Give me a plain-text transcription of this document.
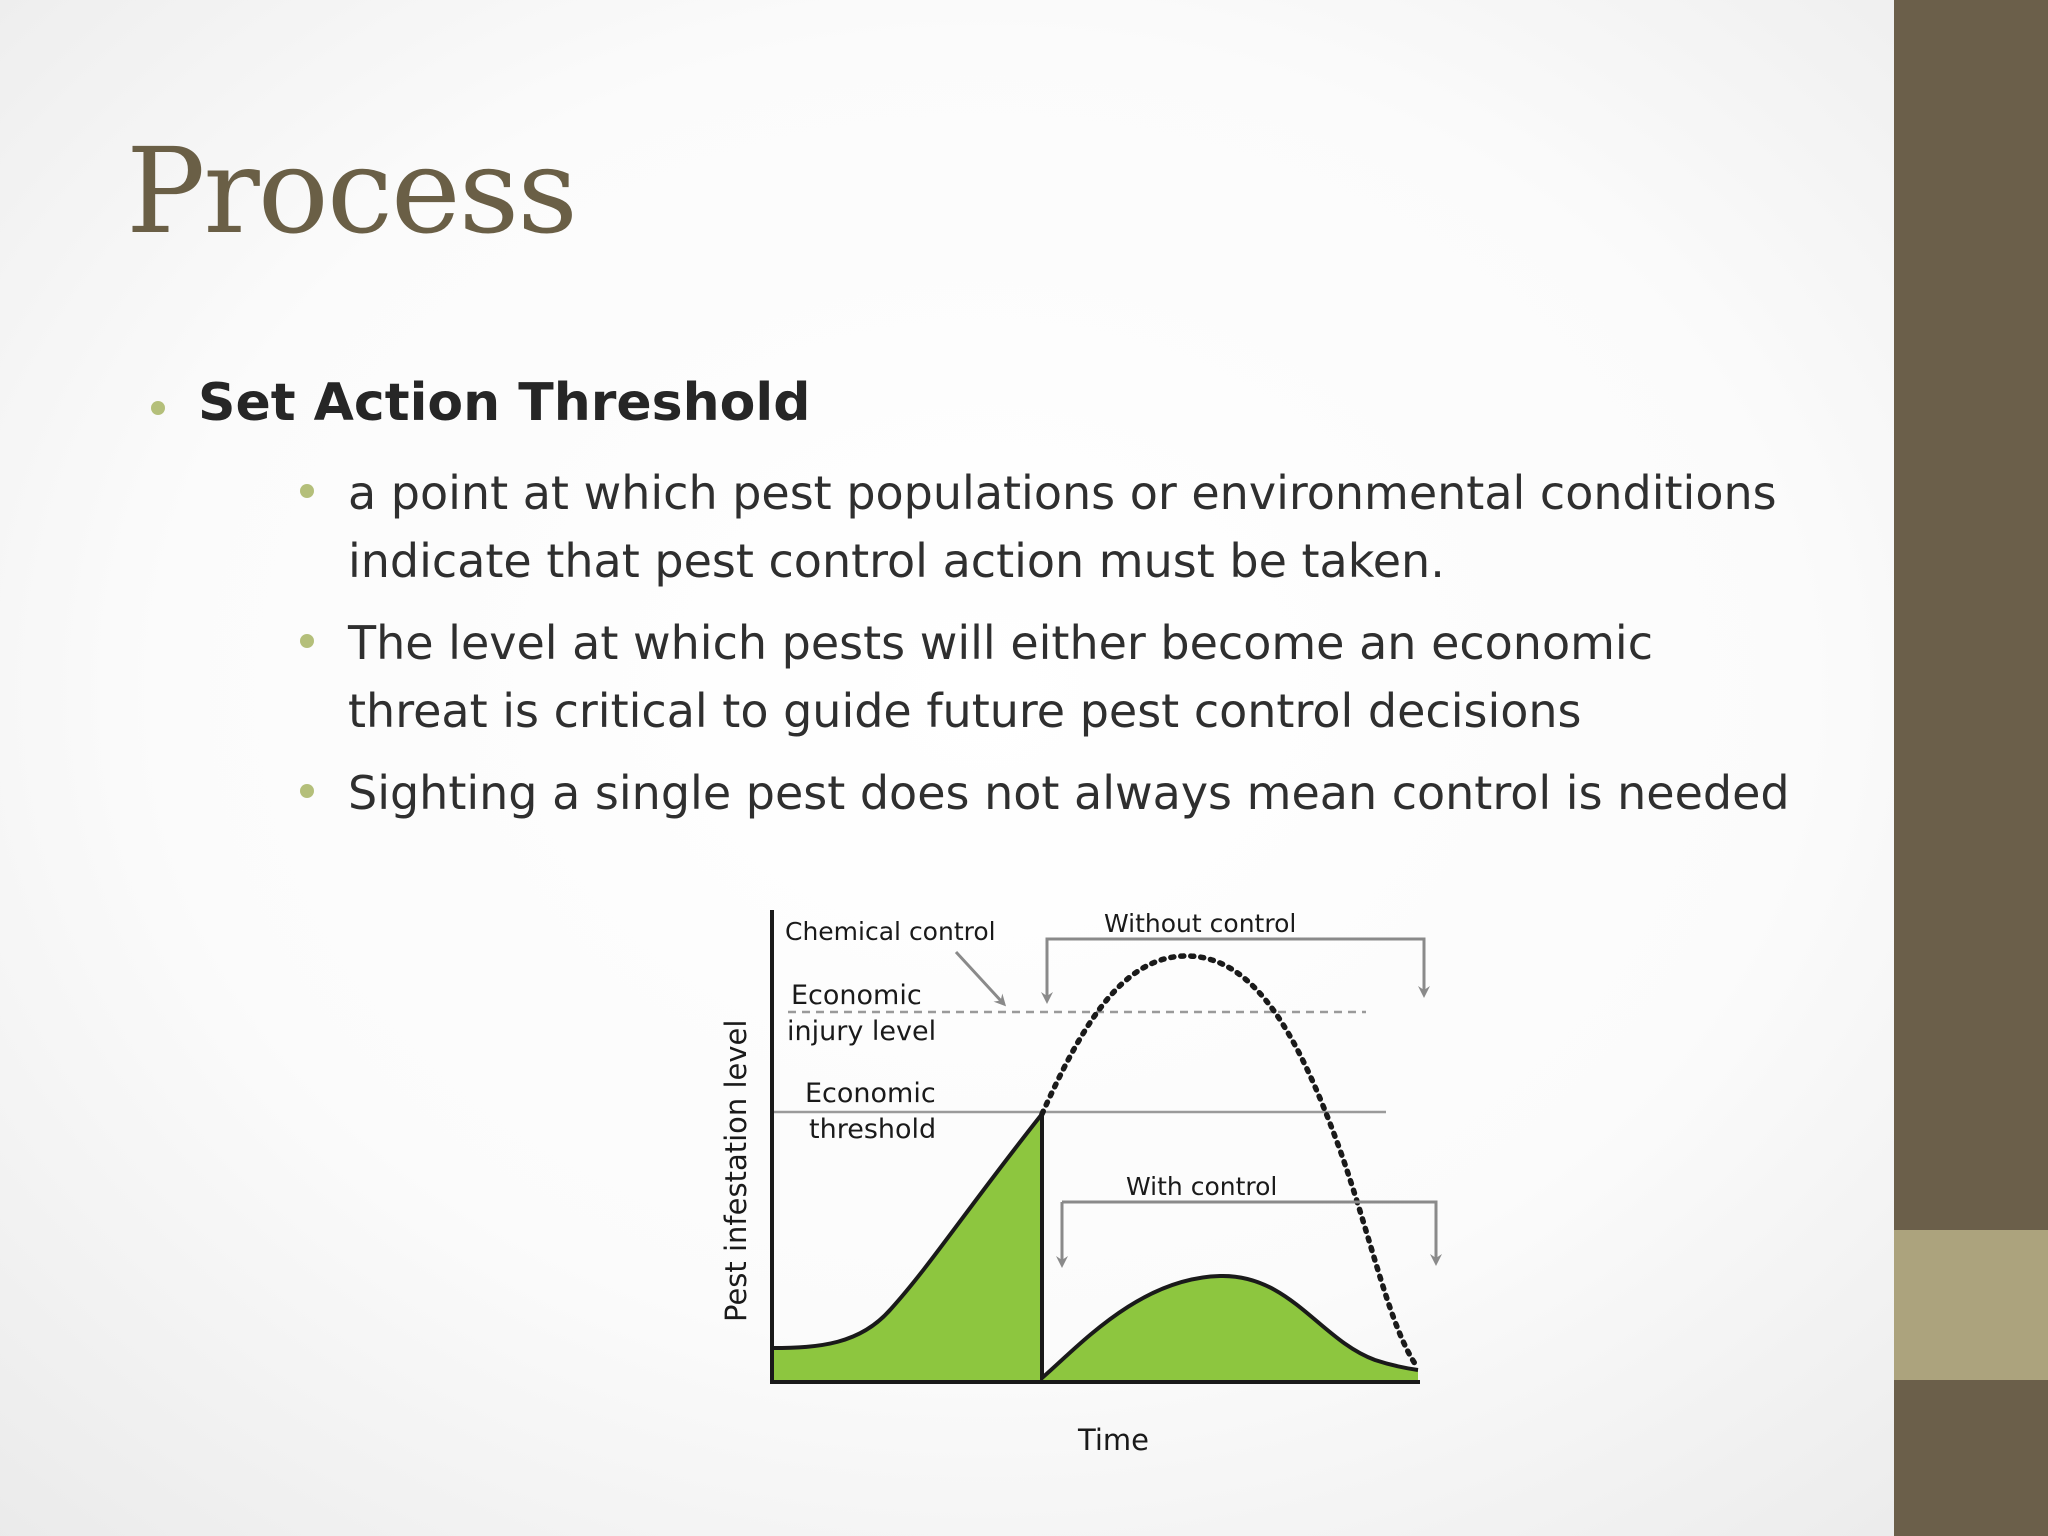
Process
Set Action Threshold
a point at which pest populations or environmental conditions
indicate that pest control action must be taken.
The level at which pests will either become an economic
threat is critical to guide future pest control decisions
Sighting a single pest does not always mean control is needed
Chemical control	Without control
Economic
injury level
Economic
threshold
With control
Time
Pest infestation level
